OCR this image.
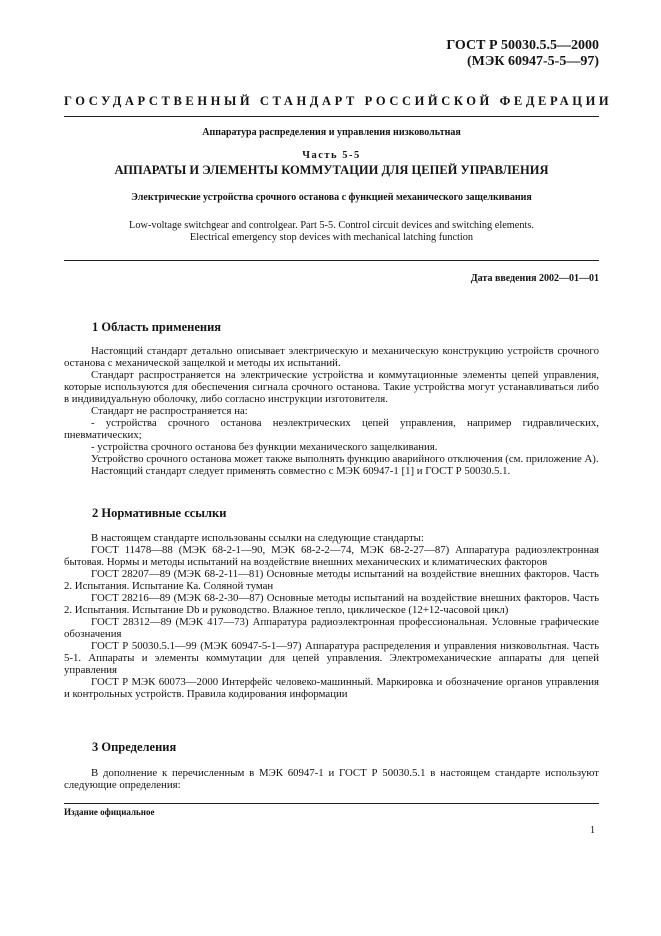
ГОСТ Р 50030.5.5—2000
(МЭК 60947-5-5—97)
ГОСУДАРСТВЕННЫЙ СТАНДАРТ РОССИЙСКОЙ ФЕДЕРАЦИИ
Аппаратура распределения и управления низковольтная
Часть 5-5
АППАРАТЫ И ЭЛЕМЕНТЫ КОММУТАЦИИ ДЛЯ ЦЕПЕЙ УПРАВЛЕНИЯ
Электрические устройства срочного останова с функцией механического защелкивания
Low-voltage switchgear and controlgear. Part 5-5. Control circuit devices and switching elements.
Electrical emergency stop devices with mechanical latching function
Дата введения 2002—01—01
1 Область применения

Настоящий стандарт детально описывает электрическую и механическую конструкцию устройств срочного останова с механической защелкой и методы их испытаний.

Стандарт распространяется на электрические устройства и коммутационные элементы цепей управления, которые используются для обеспечения сигнала срочного останова. Такие устройства могут устанавливаться либо в индивидуальную оболочку, либо согласно инструкции изготовителя.

Стандарт не распространяется на:

- устройства срочного останова неэлектрических цепей управления, например гидравлических, пневматических;

- устройства срочного останова без функции механического защелкивания.

Устройство срочного останова может также выполнять функцию аварийного отключения (см. приложение А).

Настоящий стандарт следует применять совместно с МЭК 60947-1 [1] и ГОСТ Р 50030.5.1.

2 Нормативные ссылки

В настоящем стандарте использованы ссылки на следующие стандарты:

ГОСТ 11478—88 (МЭК 68-2-1—90, МЭК 68-2-2—74, МЭК 68-2-27—87) Аппаратура радиоэлектронная бытовая. Нормы и методы испытаний на воздействие внешних механических и климатических факторов

ГОСТ 28207—89 (МЭК 68-2-11—81) Основные методы испытаний на воздействие внешних факторов. Часть 2. Испытания. Испытание Ка. Соляной туман

ГОСТ 28216—89 (МЭК 68-2-30—87) Основные методы испытаний на воздействие внешних факторов. Часть 2. Испытания. Испытание Db и руководство. Влажное тепло, циклическое (12+12-часовой цикл)

ГОСТ 28312—89 (МЭК 417—73) Аппаратура радиоэлектронная профессиональная. Условные графические обозначения

ГОСТ Р 50030.5.1—99 (МЭК 60947-5-1—97) Аппаратура распределения и управления низковольтная. Часть 5-1. Аппараты и элементы коммутации для цепей управления. Электромеханические аппараты для цепей управления

ГОСТ Р МЭК 60073—2000 Интерфейс человеко-машинный. Маркировка и обозначение органов управления и контрольных устройств. Правила кодирования информации

3 Определения

В дополнение к перечисленным в МЭК 60947-1 и ГОСТ Р 50030.5.1 в настоящем стандарте используют следующие определения:

Издание официальное
1
